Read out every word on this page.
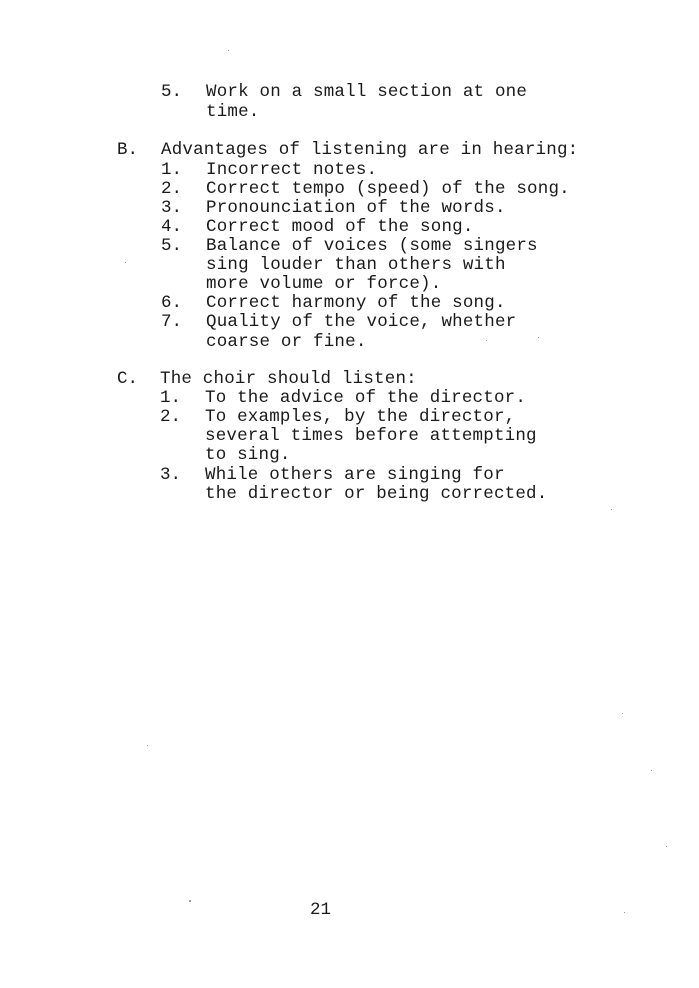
5. Work on a small section at one
time.
B. Advantages of listening are in hearing:
1. Incorrect notes.
2. Correct tempo (speed) of the song.
3. Pronounciation of the words.
4. Correct mood of the song.
5. Balance of voices (some singers
sing louder than others with
more volume or force).
6. Correct harmony of the song.
7. Quality of the voice, whether
coarse or fine.
C. The choir should listen:
1. To the advice of the director.
2. To examples, by the director,
several times before attempting
to sing.
3. While others are singing for
the director or being corrected.
21
